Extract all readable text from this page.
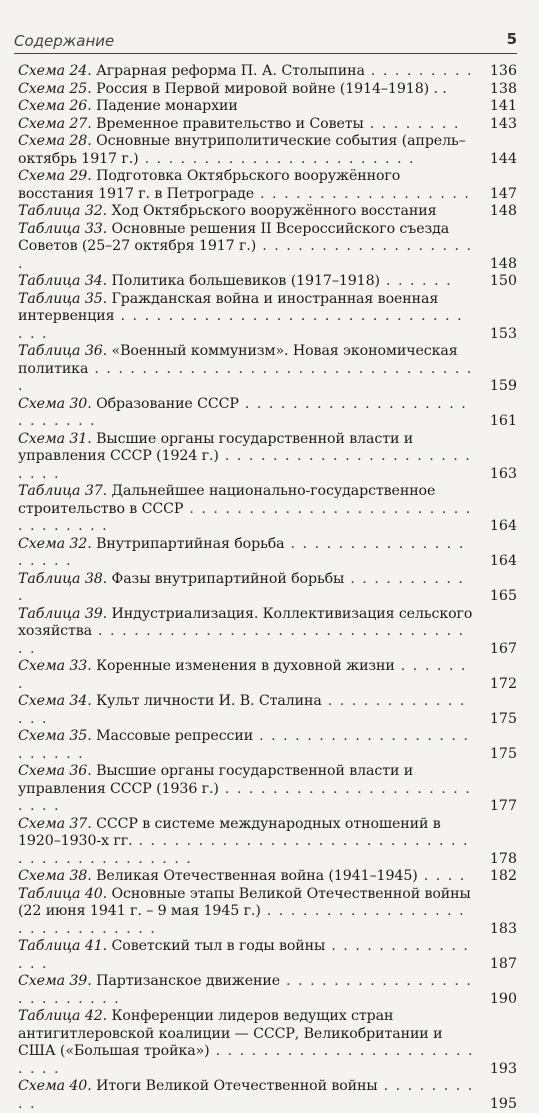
Содержание	5
Схема 24. Аграрная реформа П. А. Столыпина . . . . . . . . .	136
Схема 25. Россия в Первой мировой войне (1914–1918) . .	138
Схема 26. Падение монархии	141
Схема 27. Временное правительство и Советы . . . . . . . .	143
Схема 28. Основные внутриполитические события (апрель–октябрь 1917 г.) . . . . . . . . . . . . . . . . . . . . . . .	144
Схема 29. Подготовка Октябрьского вооружённого восстания 1917 г. в Петрограде . . . . . . . . . . . . . . . . . .	147
Таблица 32. Ход Октябрьского вооружённого восстания	148
Таблица 33. Основные решения II Всероссийского съезда Советов (25–27 октября 1917 г.) . . . . . . . . . . . . . . . . . . .	148
Таблица 34. Политика большевиков (1917–1918) . . . . . .	150
Таблица 35. Гражданская война и иностранная военная интервенция . . . . . . . . . . . . . . . . . . . . . . . . . . . . . . . .	153
Таблица 36. «Военный коммунизм». Новая экономическая политика . . . . . . . . . . . . . . . . . . . . . . . . . . . . . . . . .	159
Схема 30. Образование СССР . . . . . . . . . . . . . . . . . . . . . . . . . .	161
Схема 31. Высшие органы государственной власти и управления СССР (1924 г.) . . . . . . . . . . . . . . . . . . . . . . . . .	163
Таблица 37. Дальнейшее национально-государственное строительство в СССР . . . . . . . . . . . . . . . . . . . . . . . . . . . . . . . .	164
Схема 32. Внутрипартийная борьба . . . . . . . . . . . . . . . . . . . .	164
Таблица 38. Фазы внутрипартийной борьбы . . . . . . . . . . .	165
Таблица 39. Индустриализация. Коллективизация сельского хозяйства . . . . . . . . . . . . . . . . . . . . . . . . . . . . . . . . .	167
Схема 33. Коренные изменения в духовной жизни . . . . . . .	172
Схема 34. Культ личности И. В. Сталина . . . . . . . . . . . . . . .	175
Схема 35. Массовые репрессии . . . . . . . . . . . . . . . . . . . . . . . .	175
Схема 36. Высшие органы государственной власти и управления СССР (1936 г.) . . . . . . . . . . . . . . . . . . . . . . . . .	177
Схема 37. СССР в системе международных отношений в 1920–1930-х гг. . . . . . . . . . . . . . . . . . . . . . . . . . . . . . . . . . . . . . . . . . . .	178
Схема 38. Великая Отечественная война (1941–1945) . . . .	182
Таблица 40. Основные этапы Великой Отечественной войны (22 июня 1941 г. – 9 мая 1945 г.) . . . . . . . . . . . . . . . . . . . . . . . . . . . . .	183
Таблица 41. Советский тыл в годы войны . . . . . . . . . . . . . . .	187
Схема 39. Партизанское движение . . . . . . . . . . . . . . . . . . . . . . . . .	190
Таблица 42. Конференции лидеров ведущих стран антигитлеровской коалиции — СССР, Великобритании и США («Большая тройка») . . . . . . . . . . . . . . . . . . . . . . . . . .	193
Схема 40. Итоги Великой Отечественной войны . . . . . . . . . .	195
